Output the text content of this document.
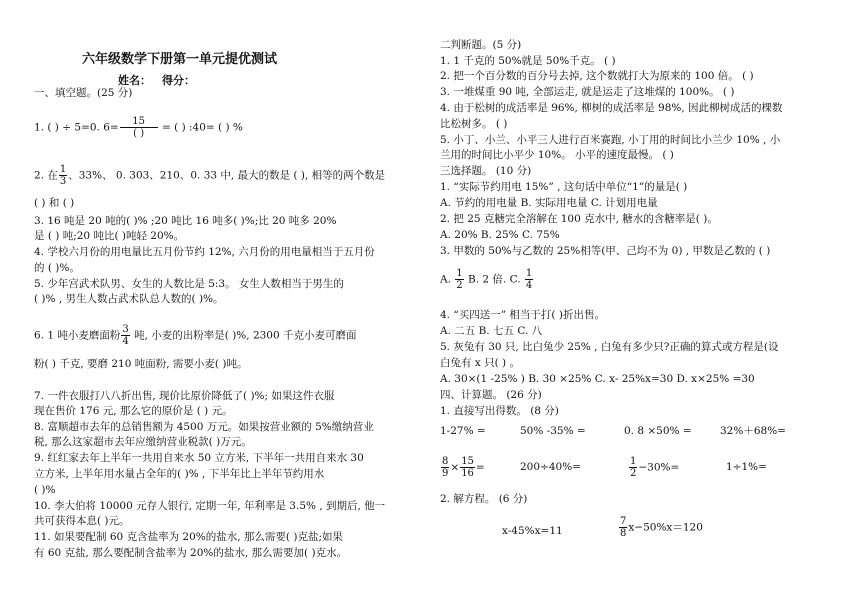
六年级数学下册第一单元提优测试
姓名： 得分：
一、填空题。(25 分)
1. ( ) ÷ 5=0. $6= \frac{15}{( )}$ = ( ) :40= ( ) %
2. 在 $\frac{1}{3}$ 、33%、 0. 303、210、0. 33 中, 最大的数是 ( ), 相等的两个数是
( ) 和 ( )
3. 16 吨是 20 吨的( )% ;20 吨比 16 吨多( )%;比 20 吨多 20%
是 ( ) 吨;20 吨比( )吨轻 20%。
4. 学校六月份的用电量比五月份节约 12%, 六月份的用电量相当于五月份
的 ( )%。
5. 少年宫武术队男、女生的人数比是 5:3。 女生人数相当于男生的
( )% , 男生人数占武术队总人数的( )%。
6. 1 吨小麦磨面粉 $\frac{3}{4}$ 吨, 小麦的出粉率是( )%, 2300 千克小麦可磨面
粉( ) 千克, 要磨 210 吨面粉, 需要小麦( )吨。
7. 一件衣服打八八折出售, 现价比原价降低了( )%; 如果这件衣服
现在售价 176 元, 那么它的原价是 ( ) 元。
8. 富顺超市去年的总销售额为 4500 万元。如果按营业额的 5%缴纳营业
税, 那么这家超市去年应缴纳营业税款( )万元。
9. 红红家去年上半年一共用自来水 50 立方米, 下半年一共用自来水 30
立方米, 上半年用水量占全年的( )% , 下半年比上半年节约用水
( )%
10. 李大伯将 10000 元存人银行, 定期一年, 年利率是 3.5% , 到期后, 他一
共可获得本息( )元。
11. 如果要配制 60 克含盐率为 20%的盐水, 那么需要( )克盐;如果
有 60 克盐, 那么要配制含盐率为 20%的盐水, 那么需要加( )克水。
二判断题。(5 分)
1. 1 千克的 50%就是 50%千克。 ( )
2. 把一个百分数的百分号去掉, 这个数就打大为原来的 100 倍。 ( )
3. 一堆煤重 90 吨, 全部运走, 就是运走了这堆煤的 100%。 ( )
4. 由于松树的成活率是 96%, 柳树的成活率是 98%, 因此柳树成活的棵数
比松树多。 ( )
5. 小丁、小兰、小平三人进行百米赛跑, 小丁用的时间比小兰少 10% , 小
兰用的时间比小平少 10%。 小平的速度最慢。 ( )
三选择题。 (10 分)
1. “实际节约用电 15%” , 这句话中单位“1”的量是( )
A. 节约的用电量 B. 实际用电量 C. 计划用电量
2. 把 25 克糖完全溶解在 100 克水中, 糖水的含糖率是( )。
A. 20% B. 25% C. 75%
3. 甲数的 50%与乙数的 25%相等(甲、己均不为 0) , 甲数是乙数的 ( )
A. $\frac{1}{2} B$. 2 倍. C. $\frac{1}{4}$
4. “买四送一” 相当于打( )折出售。
A. 二五 B. 七五 C. 八
5. 灰兔有 30 只, 比白兔少 25% , 白兔有多少只?正确的算式或方程是(设
白兔有 x 只( ) 。
A. 30×(1 -25% ) B. 30 ×25% C. x- 25%x=30 D. x×25% =30
四、计算题。 (26 分)
1. 直接写出得数。 (8 分)
1-27% =	50% -35% =	0. 8 ×50% =	32%＋68%=
$\frac{8}{9} \times \frac{15}{16}$ =	200÷40%=	$\frac{1}{2} -30\%=$	1÷1%=
2. 解方程。 (6 分)
x-45%x=11	$\frac{7}{8} x-50\%x=120$
